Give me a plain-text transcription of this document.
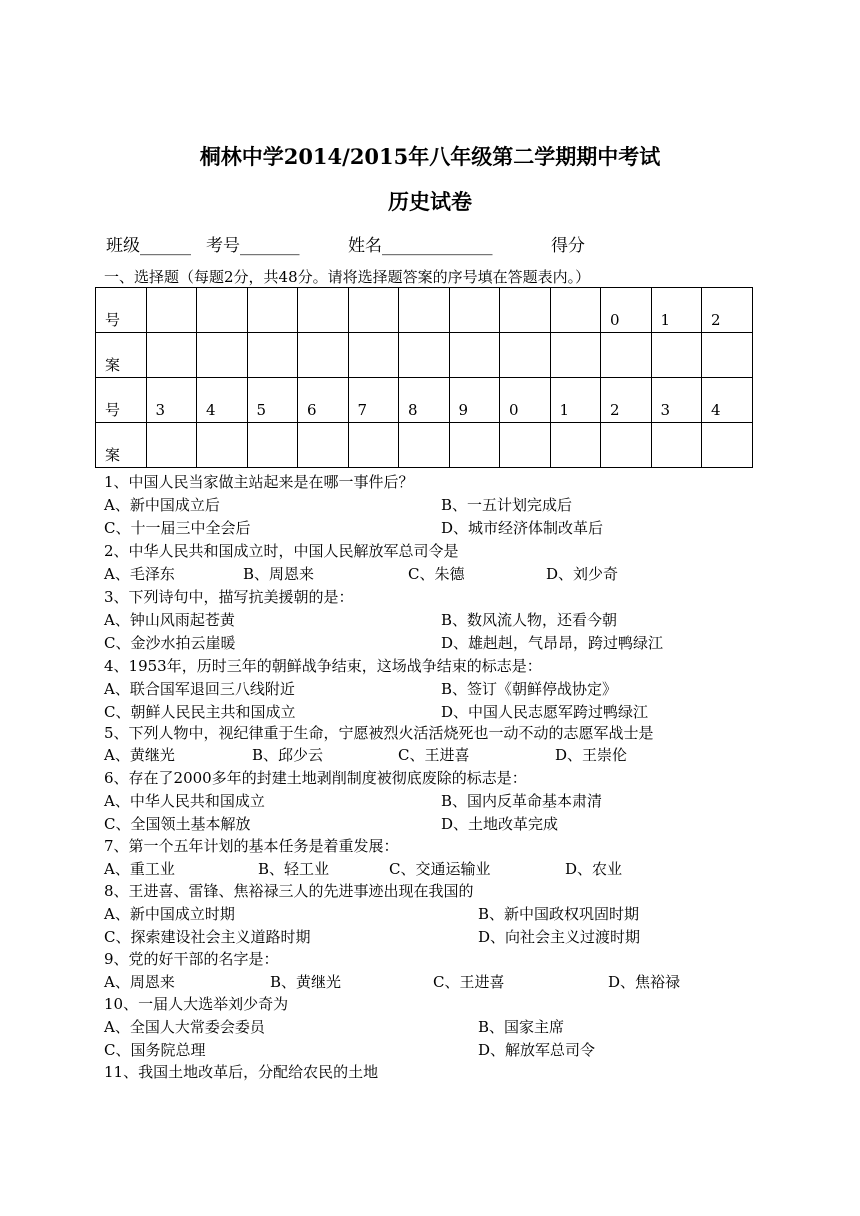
桐林中学2014/2015年八年级第二学期期中考试
历史试卷
班级______ 考号_______	姓名_____________	得分
一、选择题（每题2分，共48分。请将选择题答案的序号填在答题表内。）
号										0	1	2

案												

号	3	4	5	6	7	8	9	0	1	2	3	4

案												

1、中国人民当家做主站起来是在哪一事件后？
A、新中国成立后	B、一五计划完成后
C、十一届三中全会后	D、城市经济体制改革后
2、中华人民共和国成立时，中国人民解放军总司令是
A、毛泽东	B、周恩来	C、朱德	D、刘少奇
3、下列诗句中，描写抗美援朝的是：
A、钟山风雨起苍黄	B、数风流人物，还看今朝
C、金沙水拍云崖暖	D、雄赳赳，气昂昂，跨过鸭绿江
4、1953年，历时三年的朝鲜战争结束，这场战争结束的标志是：
A、联合国军退回三八线附近	B、签订《朝鲜停战协定》
C、朝鲜人民民主共和国成立	D、中国人民志愿军跨过鸭绿江
5、下列人物中，视纪律重于生命，宁愿被烈火活活烧死也一动不动的志愿军战士是
A、黄继光	B、邱少云	C、王进喜	D、王崇伦
6、存在了2000多年的封建土地剥削制度被彻底废除的标志是：
A、中华人民共和国成立	B、国内反革命基本肃清
C、全国领土基本解放	D、土地改革完成
7、第一个五年计划的基本任务是着重发展：
A、重工业	B、轻工业	C、交通运输业	D、农业
8、王进喜、雷锋、焦裕禄三人的先进事迹出现在我国的
A、新中国成立时期	B、新中国政权巩固时期
C、探索建设社会主义道路时期	D、向社会主义过渡时期
9、党的好干部的名字是：
A、周恩来	B、黄继光	C、王进喜	D、焦裕禄
10、一届人大选举刘少奇为
A、全国人大常委会委员	B、国家主席
C、国务院总理	D、解放军总司令
11、我国土地改革后，分配给农民的土地
